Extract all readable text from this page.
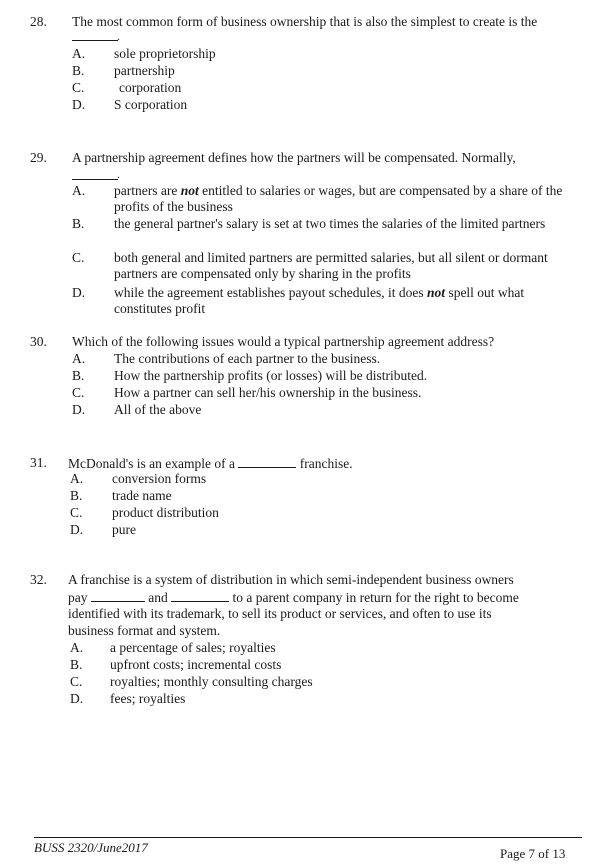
28. The most common form of business ownership that is also the simplest to create is the
.
A. sole proprietorship
B. partnership
C.	corporation
D. S corporation
29. A partnership agreement defines how the partners will be compensated. Normally,
.
A. partners are not entitled to salaries or wages, but are compensated by a share of the profits of the business
B. the general partner's salary is set at two times the salaries of the limited partners
C. both general and limited partners are permitted salaries, but all silent or dormant partners are compensated only by sharing in the profits
D. while the agreement establishes payout schedules, it does not spell out what constitutes profit
30. Which of the following issues would a typical partnership agreement address?
A. The contributions of each partner to the business.
B. How the partnership profits (or losses) will be distributed.
C. How a partner can sell her/his ownership in the business.
D. All of the above
31. McDonald's is an example of a	franchise.
A. conversion forms
B. trade name
C. product distribution
D. pure
32. A franchise is a system of distribution in which semi-independent business owners
pay	and	to a parent company in return for the right to become
identified with its trademark, to sell its product or services, and often to use its
business format and system.
A. a percentage of sales; royalties
B. upfront costs; incremental costs
C. royalties; monthly consulting charges
D. fees; royalties
BUSS 2320/June2017	Page 7 of 13
